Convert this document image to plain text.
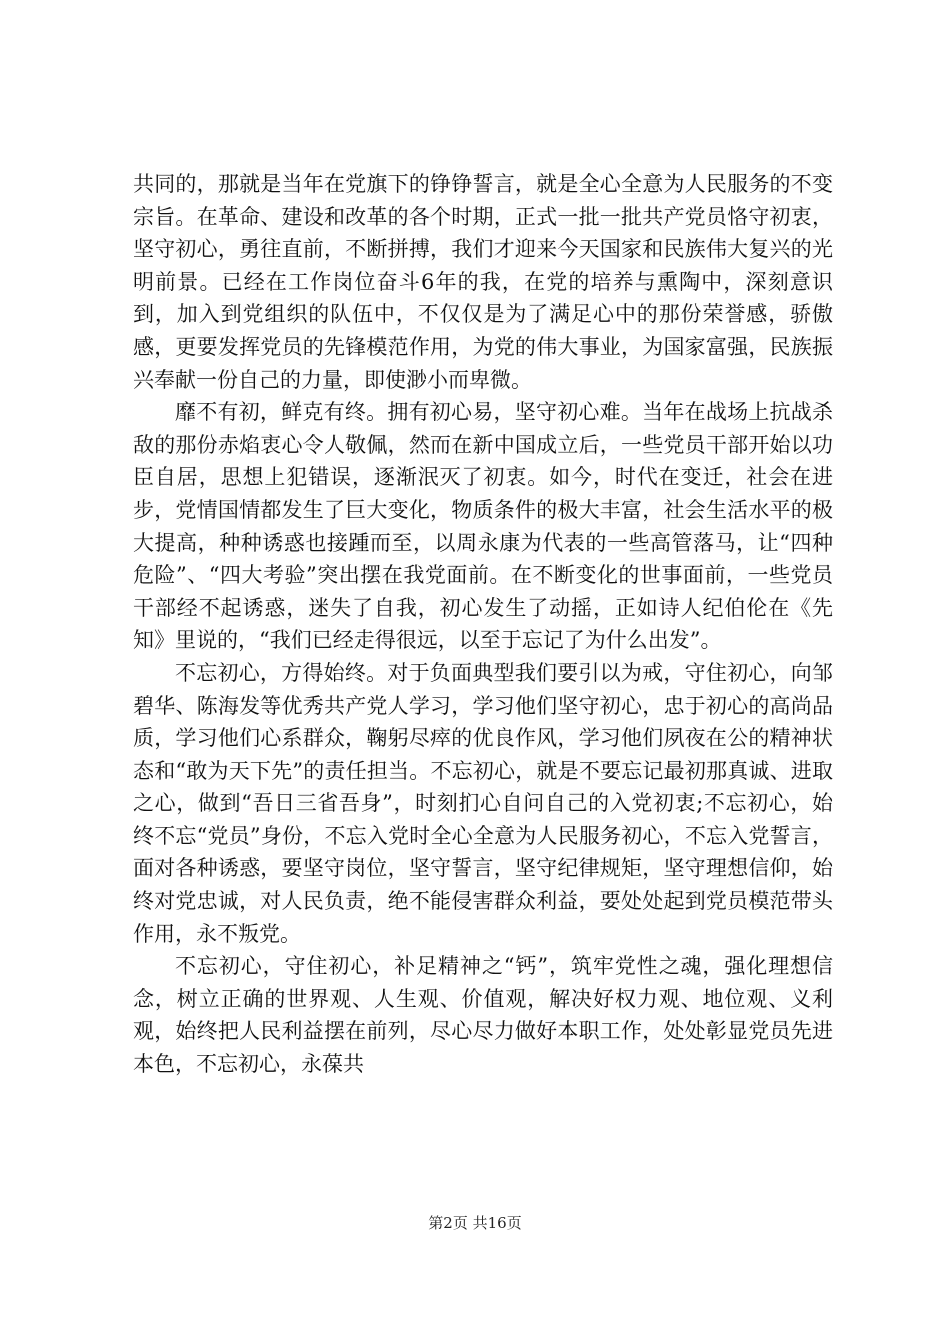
共同的，那就是当年在党旗下的铮铮誓言，就是全心全意为人民服务的不变宗旨。在革命、建设和改革的各个时期，正式一批一批共产党员恪守初衷，坚守初心，勇往直前，不断拼搏，我们才迎来今天国家和民族伟大复兴的光明前景。已经在工作岗位奋斗6年的我，在党的培养与熏陶中，深刻意识到，加入到党组织的队伍中，不仅仅是为了满足心中的那份荣誉感，骄傲感，更要发挥党员的先锋模范作用，为党的伟大事业，为国家富强，民族振兴奉献一份自己的力量，即使渺小而卑微。

靡不有初，鲜克有终。拥有初心易，坚守初心难。当年在战场上抗战杀敌的那份赤焰衷心令人敬佩，然而在新中国成立后，一些党员干部开始以功臣自居，思想上犯错误，逐渐泯灭了初衷。如今，时代在变迁，社会在进步，党情国情都发生了巨大变化，物质条件的极大丰富，社会生活水平的极大提高，种种诱惑也接踵而至，以周永康为代表的一些高管落马，让“四种危险”、“四大考验”突出摆在我党面前。在不断变化的世事面前，一些党员干部经不起诱惑，迷失了自我，初心发生了动摇，正如诗人纪伯伦在《先知》里说的，“我们已经走得很远，以至于忘记了为什么出发”。

不忘初心，方得始终。对于负面典型我们要引以为戒，守住初心，向邹碧华、陈海发等优秀共产党人学习，学习他们坚守初心，忠于初心的高尚品质，学习他们心系群众，鞠躬尽瘁的优良作风，学习他们夙夜在公的精神状态和“敢为天下先”的责任担当。不忘初心，就是不要忘记最初那真诚、进取之心，做到“吾日三省吾身”，时刻扪心自问自己的入党初衷;不忘初心，始终不忘“党员”身份，不忘入党时全心全意为人民服务初心，不忘入党誓言，面对各种诱惑，要坚守岗位，坚守誓言，坚守纪律规矩，坚守理想信仰，始终对党忠诚，对人民负责，绝不能侵害群众利益，要处处起到党员模范带头作用，永不叛党。

不忘初心，守住初心，补足精神之“钙”，筑牢党性之魂，强化理想信念，树立正确的世界观、人生观、价值观，解决好权力观、地位观、义利观，始终把人民利益摆在前列，尽心尽力做好本职工作，处处彰显党员先进本色，不忘初心，永葆共

第2页 共16页
